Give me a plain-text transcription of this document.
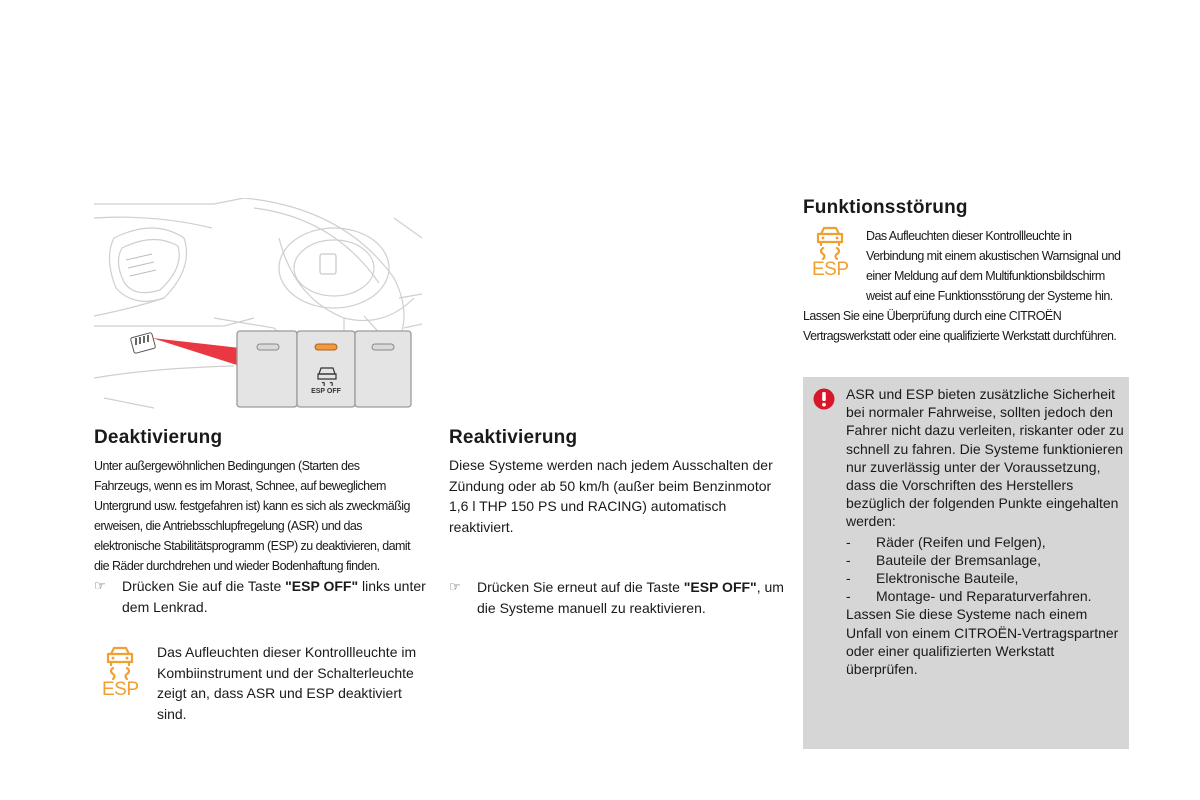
ESP OFF
Deaktivierung
Unter außergewöhnlichen Bedingungen (Starten des
Fahrzeugs, wenn es im Morast, Schnee, auf beweglichem
Untergrund usw. festgefahren ist) kann es sich als zweckmäßig
erweisen, die Antriebsschlupfregelung (ASR) und das
elektronische Stabilitätsprogramm (ESP) zu deaktivieren, damit
die Räder durchdrehen und wieder Bodenhaftung finden.
☞ Drücken Sie auf die Taste "ESP OFF" links unter dem Lenkrad.
ESP
Das Aufleuchten dieser Kontrollleuchte im Kombiinstrument und der Schalterleuchte zeigt an, dass ASR und ESP deaktiviert sind.
Reaktivierung
Diese Systeme werden nach jedem Ausschalten der Zündung oder ab 50 km/h (außer beim Benzinmotor 1,6 l THP 150 PS und RACING) automatisch reaktiviert.
☞ Drücken Sie erneut auf die Taste "ESP OFF", um die Systeme manuell zu reaktivieren.
Funktionsstörung
ESP
Das Aufleuchten dieser Kontrollleuchte in
Verbindung mit einem akustischen Warnsignal und
einer Meldung auf dem Multifunktionsbildschirm
weist auf eine Funktionsstörung der Systeme hin.
Lassen Sie eine Überprüfung durch eine CITROËN
Vertragswerkstatt oder eine qualifizierte Werkstatt durchführen.
ASR und ESP bieten zusätzliche Sicherheit bei normaler Fahrweise, sollten jedoch den Fahrer nicht dazu verleiten, riskanter oder zu schnell zu fahren. Die Systeme funktionieren nur zuverlässig unter der Voraussetzung, dass die Vorschriften des Herstellers bezüglich der folgenden Punkte eingehalten werden:
- Räder (Reifen und Felgen),
- Bauteile der Bremsanlage,
- Elektronische Bauteile,
- Montage- und Reparaturverfahren.
Lassen Sie diese Systeme nach einem Unfall von einem CITROËN-Vertragspartner oder einer qualifizierten Werkstatt überprüfen.
